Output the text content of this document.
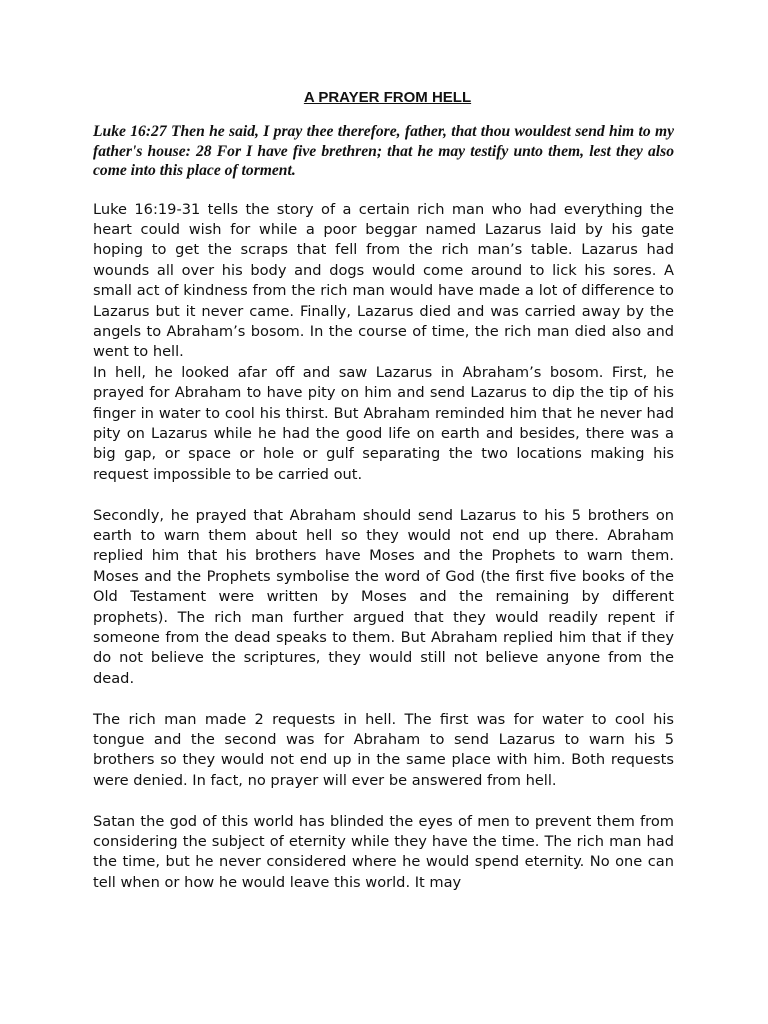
A PRAYER FROM HELL
Luke 16:27 Then he said, I pray thee therefore, father, that thou wouldest send him to my father's house: 28 For I have five brethren; that he may testify unto them, lest they also come into this place of torment.

Luke 16:19-31 tells the story of a certain rich man who had everything the heart could wish for while a poor beggar named Lazarus laid by his gate hoping to get the scraps that fell from the rich man’s table. Lazarus had wounds all over his body and dogs would come around to lick his sores. A small act of kindness from the rich man would have made a lot of difference to Lazarus but it never came. Finally, Lazarus died and was carried away by the angels to Abraham’s bosom. In the course of time, the rich man died also and went to hell.

In hell, he looked afar off and saw Lazarus in Abraham’s bosom. First, he prayed for Abraham to have pity on him and send Lazarus to dip the tip of his finger in water to cool his thirst. But Abraham reminded him that he never had pity on Lazarus while he had the good life on earth and besides, there was a big gap, or space or hole or gulf separating the two locations making his request impossible to be carried out.

Secondly, he prayed that Abraham should send Lazarus to his 5 brothers on earth to warn them about hell so they would not end up there. Abraham replied him that his brothers have Moses and the Prophets to warn them. Moses and the Prophets symbolise the word of God (the first five books of the Old Testament were written by Moses and the remaining by different prophets). The rich man further argued that they would readily repent if someone from the dead speaks to them. But Abraham replied him that if they do not believe the scriptures, they would still not believe anyone from the dead.

The rich man made 2 requests in hell. The first was for water to cool his tongue and the second was for Abraham to send Lazarus to warn his 5 brothers so they would not end up in the same place with him. Both requests were denied. In fact, no prayer will ever be answered from hell.

Satan the god of this world has blinded the eyes of men to prevent them from considering the subject of eternity while they have the time. The rich man had the time, but he never considered where he would spend eternity. No one can tell when or how he would leave this world. It may
